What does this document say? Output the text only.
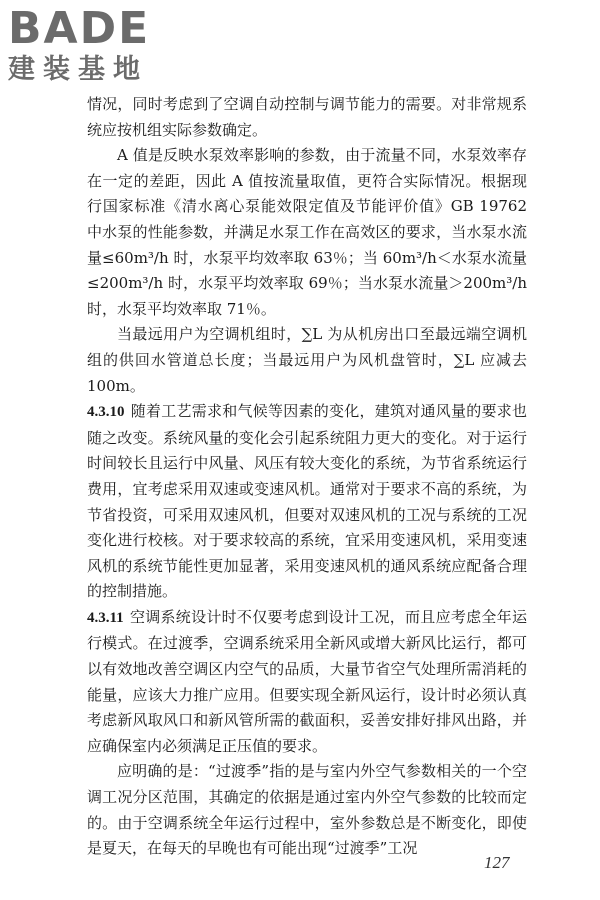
BADE
建装基地

情况，同时考虑到了空调自动控制与调节能力的需要。对非常规系统应按机组实际参数确定。

A 值是反映水泵效率影响的参数，由于流量不同，水泵效率存在一定的差距，因此 A 值按流量取值，更符合实际情况。根据现行国家标准《清水离心泵能效限定值及节能评价值》GB 19762 中水泵的性能参数，并满足水泵工作在高效区的要求，当水泵水流量≤60m³/h 时，水泵平均效率取 63％；当 60m³/h＜水泵水流量≤200m³/h 时，水泵平均效率取 69％；当水泵水流量＞200m³/h 时，水泵平均效率取 71％。

当最远用户为空调机组时，∑L 为从机房出口至最远端空调机组的供回水管道总长度；当最远用户为风机盘管时，∑L 应减去 100m。

4.3.10 随着工艺需求和气候等因素的变化，建筑对通风量的要求也随之改变。系统风量的变化会引起系统阻力更大的变化。对于运行时间较长且运行中风量、风压有较大变化的系统，为节省系统运行费用，宜考虑采用双速或变速风机。通常对于要求不高的系统，为节省投资，可采用双速风机，但要对双速风机的工况与系统的工况变化进行校核。对于要求较高的系统，宜采用变速风机，采用变速风机的系统节能性更加显著，采用变速风机的通风系统应配备合理的控制措施。

4.3.11 空调系统设计时不仅要考虑到设计工况，而且应考虑全年运行模式。在过渡季，空调系统采用全新风或增大新风比运行，都可以有效地改善空调区内空气的品质，大量节省空气处理所需消耗的能量，应该大力推广应用。但要实现全新风运行，设计时必须认真考虑新风取风口和新风管所需的截面积，妥善安排好排风出路，并应确保室内必须满足正压值的要求。

应明确的是：“过渡季”指的是与室内外空气参数相关的一个空调工况分区范围，其确定的依据是通过室内外空气参数的比较而定的。由于空调系统全年运行过程中，室外参数总是不断变化，即使是夏天，在每天的早晚也有可能出现“过渡季”工况

127
